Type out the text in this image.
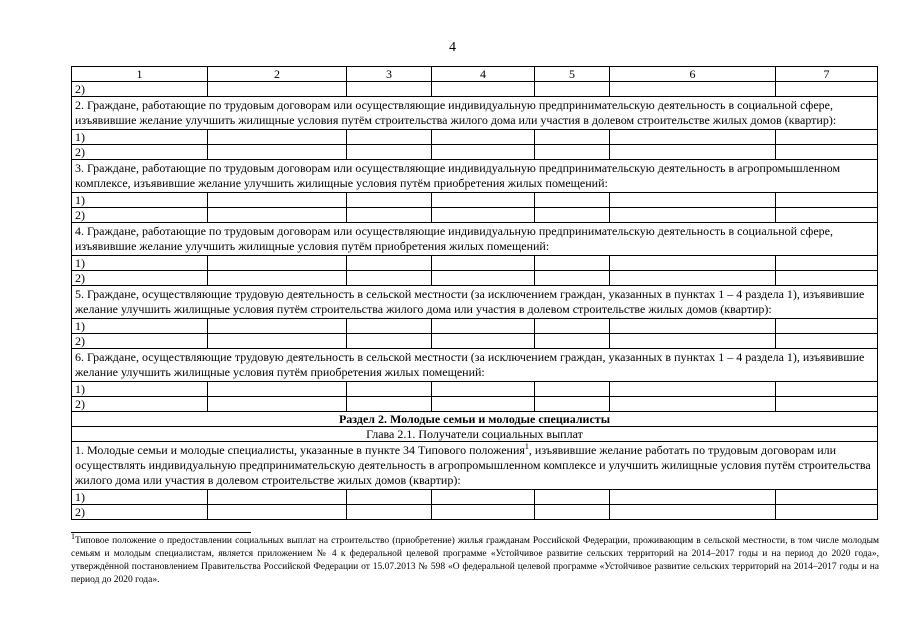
4
1	2	3	4	5	6	7
2)						
2. Граждане, работающие по трудовым договорам или осуществляющие индивидуальную предпринимательскую деятельность в социальной сфере, изъявившие желание улучшить жилищные условия путём строительства жилого дома или участия в долевом строительстве жилых домов (квартир):						
1)						
2)						
3. Граждане, работающие по трудовым договорам или осуществляющие индивидуальную предпринимательскую деятельность в агропромышленном комплексе, изъявившие желание улучшить жилищные условия путём приобретения жилых помещений:						
1)						
2)						
4. Граждане, работающие по трудовым договорам или осуществляющие индивидуальную предпринимательскую деятельность в социальной сфере, изъявившие желание улучшить жилищные условия путём приобретения жилых помещений:						
1)						
2)						
5. Граждане, осуществляющие трудовую деятельность в сельской местности (за исключением граждан, указанных в пунктах 1 – 4 раздела 1), изъявившие желание улучшить жилищные условия путём строительства жилого дома или участия в долевом строительстве жилых домов (квартир):						
1)						
2)						
6. Граждане, осуществляющие трудовую деятельность в сельской местности (за исключением граждан, указанных в пунктах 1 – 4 раздела 1), изъявившие желание улучшить жилищные условия путём приобретения жилых помещений:						
1)						
2)						
Раздел 2. Молодые семьи и молодые специалисты						
Глава 2.1. Получатели социальных выплат						
1. Молодые семьи и молодые специалисты, указанные в пункте 34 Типового положения$^1$, изъявившие желание работать по трудовым договорам или осуществлять индивидуальную предпринимательскую деятельность в агропромышленном комплексе и улучшить жилищные условия путём строительства жилого дома или участия в долевом строительстве жилых домов (квартир):						
1)						
2)						
$^1$Типовое положение о предоставлении социальных выплат на строительство (приобретение) жилья гражданам Российской Федерации, проживающим в сельской местности, в том числе молодым семьям и молодым специалистам, является приложением № 4 к федеральной целевой программе «Устойчивое развитие сельских территорий на 2014–2017 годы и на период до 2020 года», утверждённой постановлением Правительства Российской Федерации от 15.07.2013 № 598 «О федеральной целевой программе «Устойчивое развитие сельских территорий на 2014–2017 годы и на период до 2020 года».
